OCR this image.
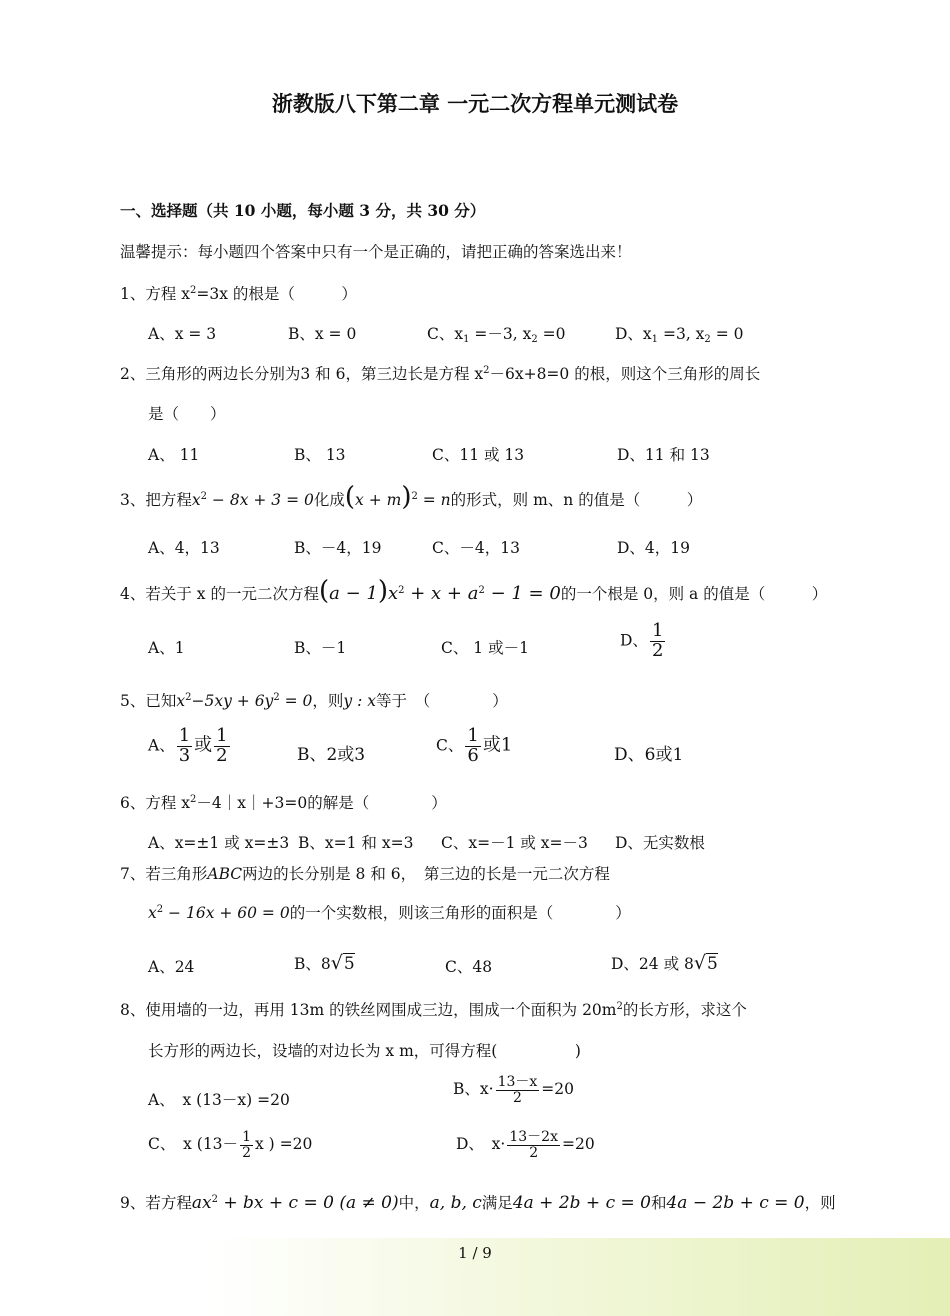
浙教版八下第二章 一元二次方程单元测试卷
一、选择题（共 10 小题，每小题 3 分，共 30 分）
温馨提示：每小题四个答案中只有一个是正确的，请把正确的答案选出来！
1、方程 $x^2=3x$ 的根是（　　　）
A、x = 3	B、x = 0	C、$x_1 =-3$, $x_2 =0$	D、$x_1 =3$, $x_2 = 0$
2、三角形的两边长分别为3 和 6，第三边长是方程 $x^2-6x+8=0$ 的根，则这个三角形的周长
是（　　）
A、 11	B、 13	C、11 或 13	D、11 和 13
3、把方程$x^2 - 8x + 3 = 0$化成$(x + m)^2 = n$的形式，则 m、n 的值是（　　　）
A、4，13	B、－4，19	C、－4，13	D、4，19
4、若关于 x 的一元二次方程$(a - 1)x^2 + x + a^2 - 1 = 0$的一个根是 0，则 a 的值是（　　　）
A、1	B、－1	C、 1 或－1	D、 $\frac{1}{2}$
5、已知$x^2-5xy + 6y^2 = 0$，则y : x等于　（　　　　）
A、 $\frac{1}{3}$ 或 $\frac{1}{2}$	B、2或3	C、 $\frac{1}{6}$ 或1	D、6或1
6、方程 $x^2-4|x|+3=0$的解是（　　　　）
A、x=±1 或 x=±3 B、x=1 和 x=3 C、x=－1 或 x=－3 D、无实数根
7、若三角形ABC两边的长分别是 8 和 6，　第三边的长是一元二次方程
$x^2 - 16x + 60 = 0$的一个实数根，则该三角形的面积是（　　　　）
A、24	B、8√5	C、48	D、24 或 8√5
8、使用墙的一边，再用 13m 的铁丝网围成三边，围成一个面积为 $20m^2$的长方形，求这个
长方形的两边长，设墙的对边长为 x m，可得方程(　　　　　)
A、　x (13－x) =20
B、$x\cdot \frac{13-x}{2} =20$
C、　x ($13- \frac{1}{2}$ x ) =20	D、　$x\cdot \frac{13-2x}{2} =20$
9、若方程$ax^2$ + bx + c = 0 (a ≠ 0)中，a, b, c满足4a + 2b + c = 0和4a − 2b + c = 0，则
1 / 9
